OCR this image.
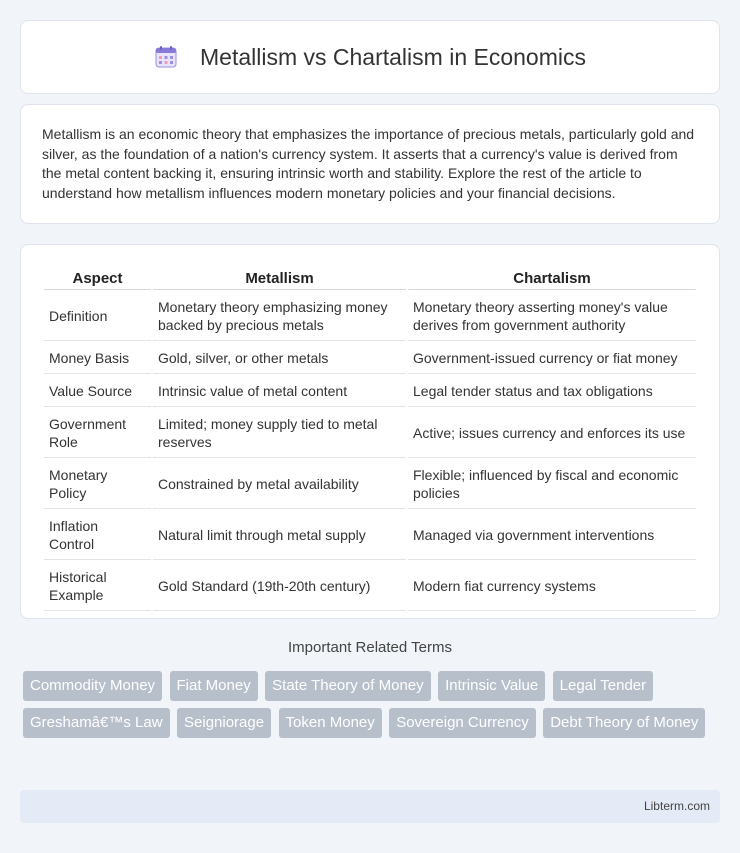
Metallism vs Chartalism in Economics

Metallism is an economic theory that emphasizes the importance of precious metals, particularly gold and silver, as the foundation of a nation's currency system. It asserts that a currency's value is derived from the metal content backing it, ensuring intrinsic worth and stability. Explore the rest of the article to understand how metallism influences modern monetary policies and your financial decisions.

Aspect	Metallism	Chartalism
Definition	Monetary theory emphasizing money backed by precious metals	Monetary theory asserting money's value derives from government authority
Money Basis	Gold, silver, or other metals	Government-issued currency or fiat money
Value Source	Intrinsic value of metal content	Legal tender status and tax obligations
Government Role	Limited; money supply tied to metal reserves	Active; issues currency and enforces its use
Monetary Policy	Constrained by metal availability	Flexible; influenced by fiscal and economic policies
Inflation Control	Natural limit through metal supply	Managed via government interventions
Historical Example	Gold Standard (19th-20th century)	Modern fiat currency systems
Important Related Terms
Commodity Money Fiat Money State Theory of Money Intrinsic Value Legal Tender Greshamâ€™s Law Seigniorage Token Money Sovereign Currency Debt Theory of Money
Libterm.com
